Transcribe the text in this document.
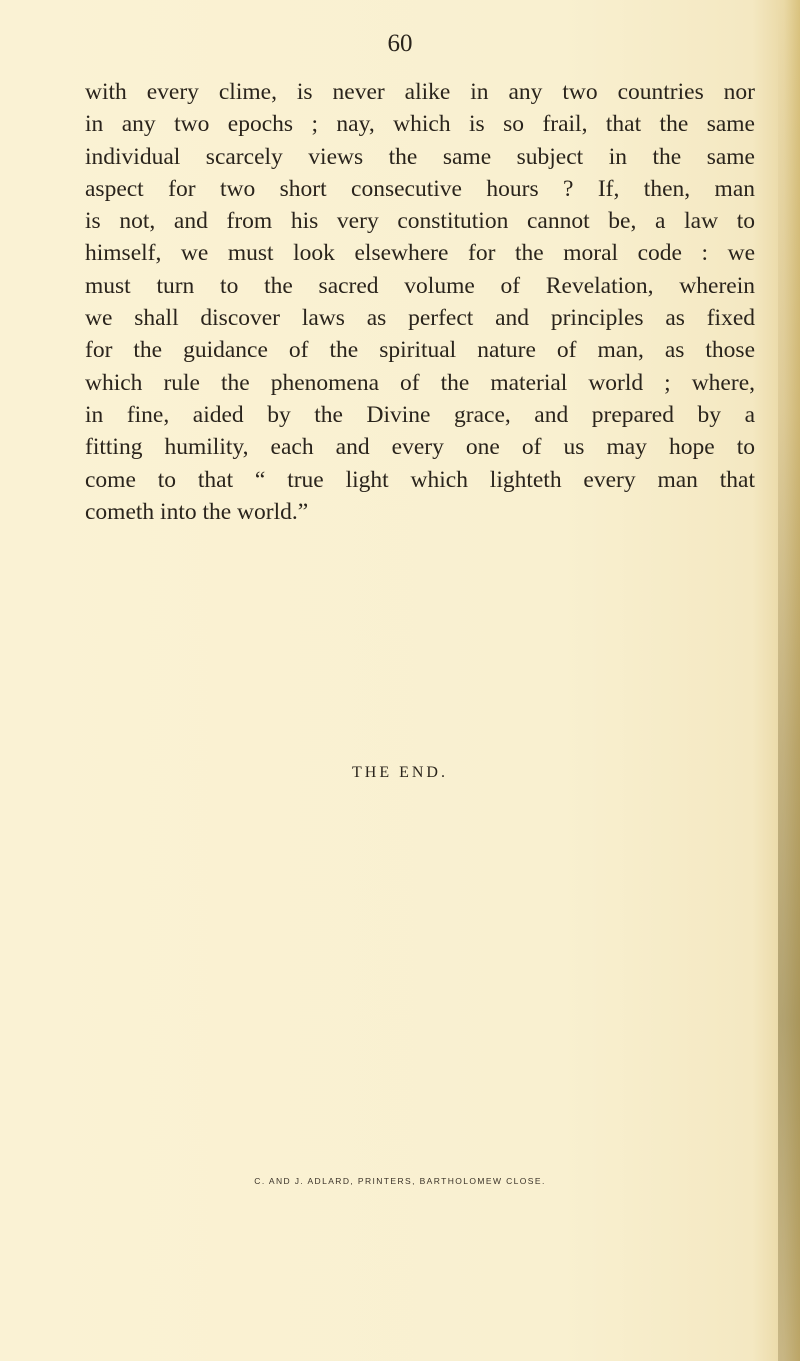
60
with every clime, is never alike in any two countries nor
in any two epochs ; nay, which is so frail, that the same
individual scarcely views the same subject in the same
aspect for two short consecutive hours ? If, then, man
is not, and from his very constitution cannot be, a law to
himself, we must look elsewhere for the moral code : we
must turn to the sacred volume of Revelation, wherein
we shall discover laws as perfect and principles as fixed
for the guidance of the spiritual nature of man, as those
which rule the phenomena of the material world ; where,
in fine, aided by the Divine grace, and prepared by a
fitting humility, each and every one of us may hope to
come to that “ true light which lighteth every man that
cometh into the world.”
THE END.
C. AND J. ADLARD, PRINTERS, BARTHOLOMEW CLOSE.
